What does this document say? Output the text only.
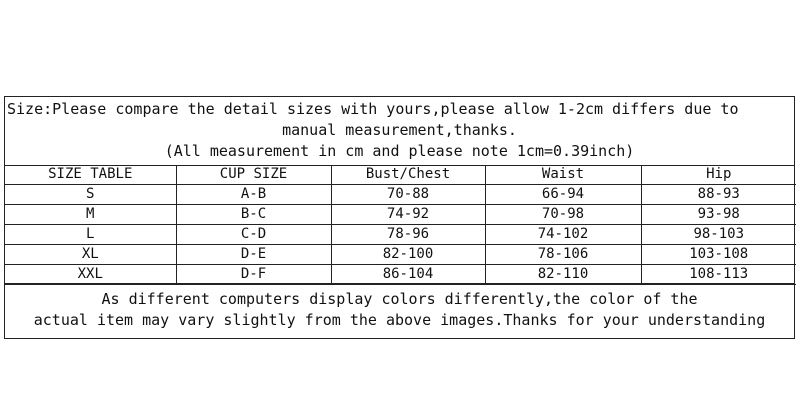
Size:Please compare the detail sizes with yours,please allow 1-2cm differs due to
manual measurement,thanks.
(All measurement in cm and please note 1cm=0.39inch)
SIZE TABLE	CUP SIZE	Bust/Chest	Waist	Hip
S	A-B	70-88	66-94	88-93
M	B-C	74-92	70-98	93-98
L	C-D	78-96	74-102	98-103
XL	D-E	82-100	78-106	103-108
XXL	D-F	86-104	82-110	108-113
As different computers display colors differently,the color of the
actual item may vary slightly from the above images.Thanks for your understanding
